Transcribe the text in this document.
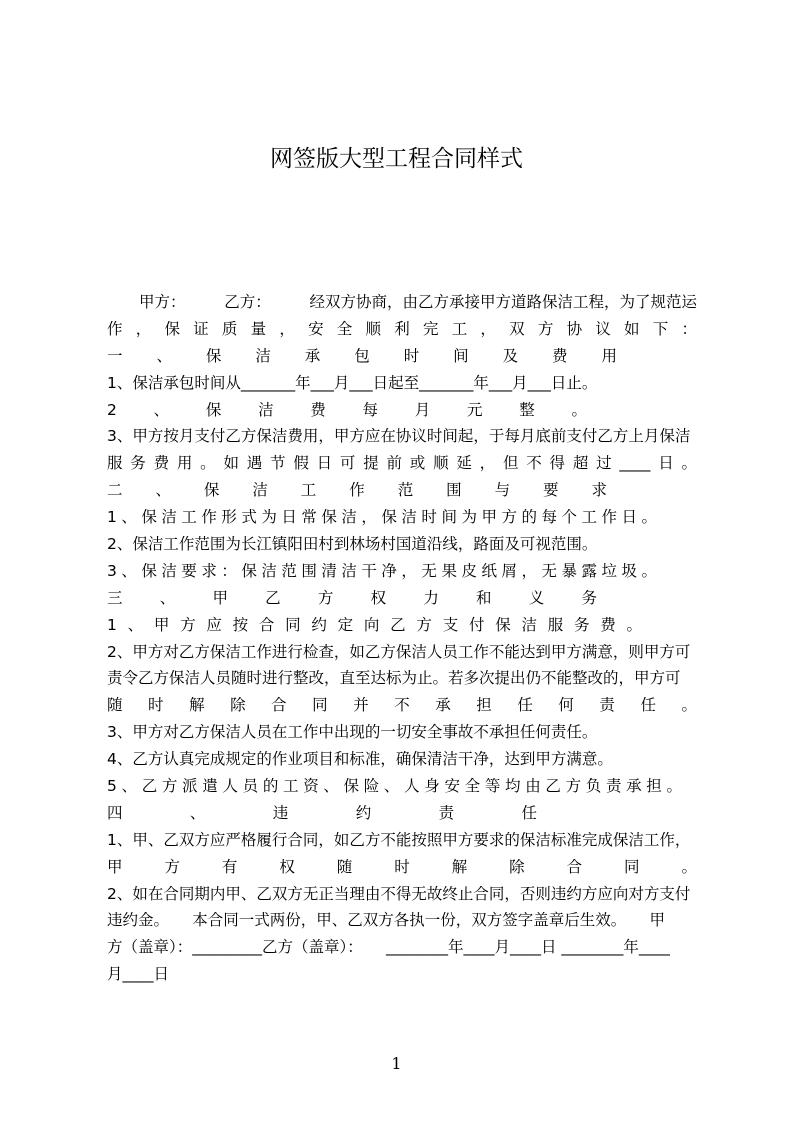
网签版大型工程合同样式
甲方：　　　乙方：　　　经双方协商，由乙方承接甲方道路保洁工程，为了规范运
作，保证质量，安全顺利完工，双方协议如下：
一、保洁承包时间及费用
1、保洁承包时间从_______年___月___日起至_______年___月___日止。
2、保洁费每月元整。
3、甲方按月支付乙方保洁费用，甲方应在协议时间起，于每月底前支付乙方上月保洁
服务费用。如遇节假日可提前或顺延，但不得超过____日。
二、保洁工作范围与要求
1、保洁工作形式为日常保洁，保洁时间为甲方的每个工作日。
2、保洁工作范围为长江镇阳田村到林场村国道沿线，路面及可视范围。
3、保洁要求：保洁范围清洁干净，无果皮纸屑，无暴露垃圾。
三、甲乙方权力和义务
1、甲方应按合同约定向乙方支付保洁服务费。
2、甲方对乙方保洁工作进行检查，如乙方保洁人员工作不能达到甲方满意，则甲方可
责令乙方保洁人员随时进行整改，直至达标为止。若多次提出仍不能整改的，甲方可
随时解除合同并不承担任何责任。
3、甲方对乙方保洁人员在工作中出现的一切安全事故不承担任何责任。
4、乙方认真完成规定的作业项目和标准，确保清洁干净，达到甲方满意。
5、乙方派遣人员的工资、保险、人身安全等均由乙方负责承担。
四、违约责任
1、甲、乙双方应严格履行合同，如乙方不能按照甲方要求的保洁标准完成保洁工作，
甲方有权随时解除合同。
2、如在合同期内甲、乙双方无正当理由不得无故终止合同，否则违约方应向对方支付
违约金。　　本合同一式两份，甲、乙双方各执一份，双方签字盖章后生效。　　甲
方（盖章）：_________乙方（盖章）：　　________年____月____日 ________年____
月____日
1
